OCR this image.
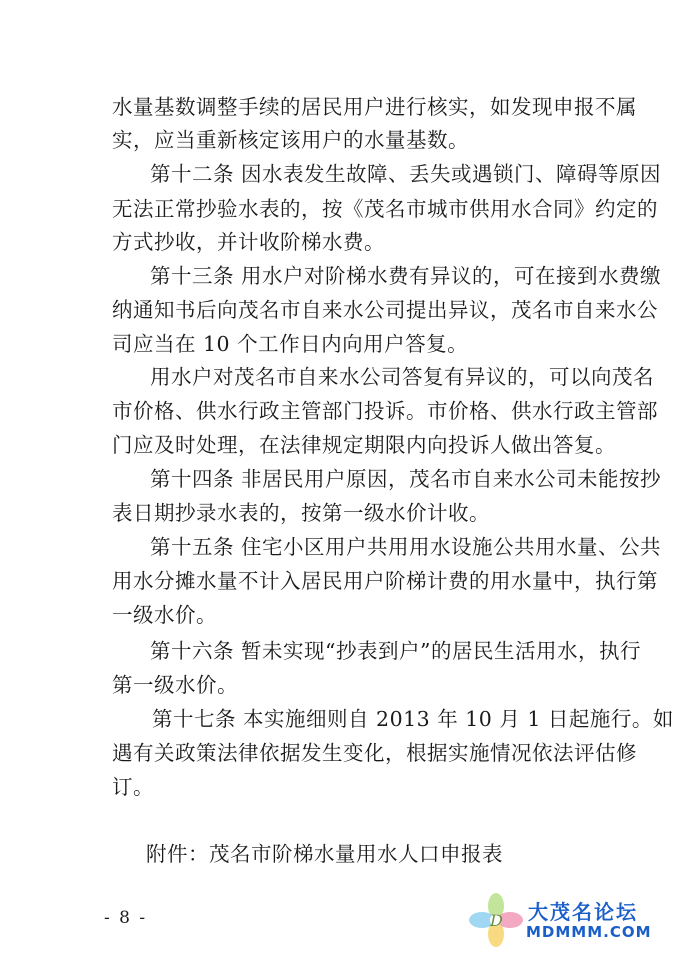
水量基数调整手续的居民用户进行核实，如发现申报不属
实，应当重新核定该用户的水量基数。
第十二条 因水表发生故障、丢失或遇锁门、障碍等原因
无法正常抄验水表的，按《茂名市城市供用水合同》约定的
方式抄收，并计收阶梯水费。
第十三条 用水户对阶梯水费有异议的，可在接到水费缴
纳通知书后向茂名市自来水公司提出异议，茂名市自来水公
司应当在 10 个工作日内向用户答复。
用水户对茂名市自来水公司答复有异议的，可以向茂名
市价格、供水行政主管部门投诉。市价格、供水行政主管部
门应及时处理，在法律规定期限内向投诉人做出答复。
第十四条 非居民用户原因，茂名市自来水公司未能按抄
表日期抄录水表的，按第一级水价计收。
第十五条 住宅小区用户共用用水设施公共用水量、公共
用水分摊水量不计入居民用户阶梯计费的用水量中，执行第
一级水价。
第十六条 暂未实现“抄表到户”的居民生活用水，执行
第一级水价。
第十七条 本实施细则自 2013 年 10 月 1 日起施行。如
遇有关政策法律依据发生变化，根据实施情况依法评估修
订。
附件：茂名市阶梯水量用水人口申报表
- 8 -	D 大茂名论坛
MDMMM.COM
